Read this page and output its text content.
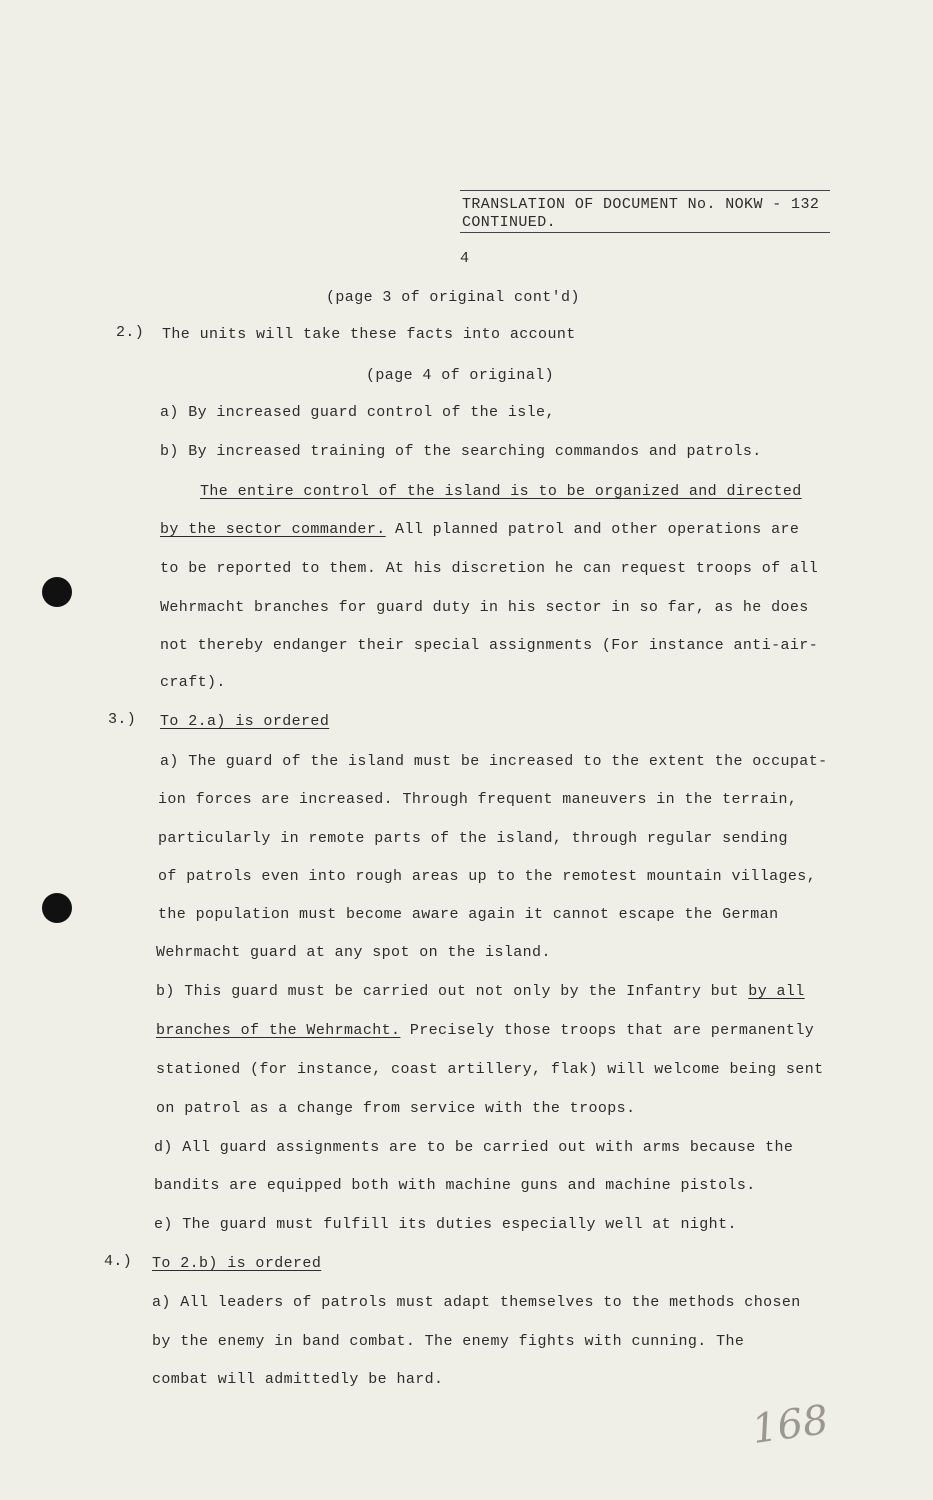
TRANSLATION OF DOCUMENT No. NOKW - 132
CONTINUED.
4
(page 3 of original cont'd)
2.) The units will take these facts into account
(page 4 of original)
a) By increased guard control of the isle,
b) By increased training of the searching commandos and patrols.
The entire control of the island is to be organized and directed
by the sector commander. All planned patrol and other operations are
to be reported to them. At his discretion he can request troops of all
Wehrmacht branches for guard duty in his sector in so far, as he does
not thereby endanger their special assignments (For instance anti-air-
craft).
3.) To 2.a) is ordered
a) The guard of the island must be increased to the extent the occupat-
ion forces are increased. Through frequent maneuvers in the terrain,
particularly in remote parts of the island, through regular sending
of patrols even into rough areas up to the remotest mountain villages,
the population must become aware again it cannot escape the German
Wehrmacht guard at any spot on the island.
b) This guard must be carried out not only by the Infantry but by all
branches of the Wehrmacht. Precisely those troops that are permanently
stationed (for instance, coast artillery, flak) will welcome being sent
on patrol as a change from service with the troops.
d) All guard assignments are to be carried out with arms because the
bandits are equipped both with machine guns and machine pistols.
e) The guard must fulfill its duties especially well at night.
4.) To 2.b) is ordered
a) All leaders of patrols must adapt themselves to the methods chosen
by the enemy in band combat. The enemy fights with cunning. The
combat will admittedly be hard.
168
